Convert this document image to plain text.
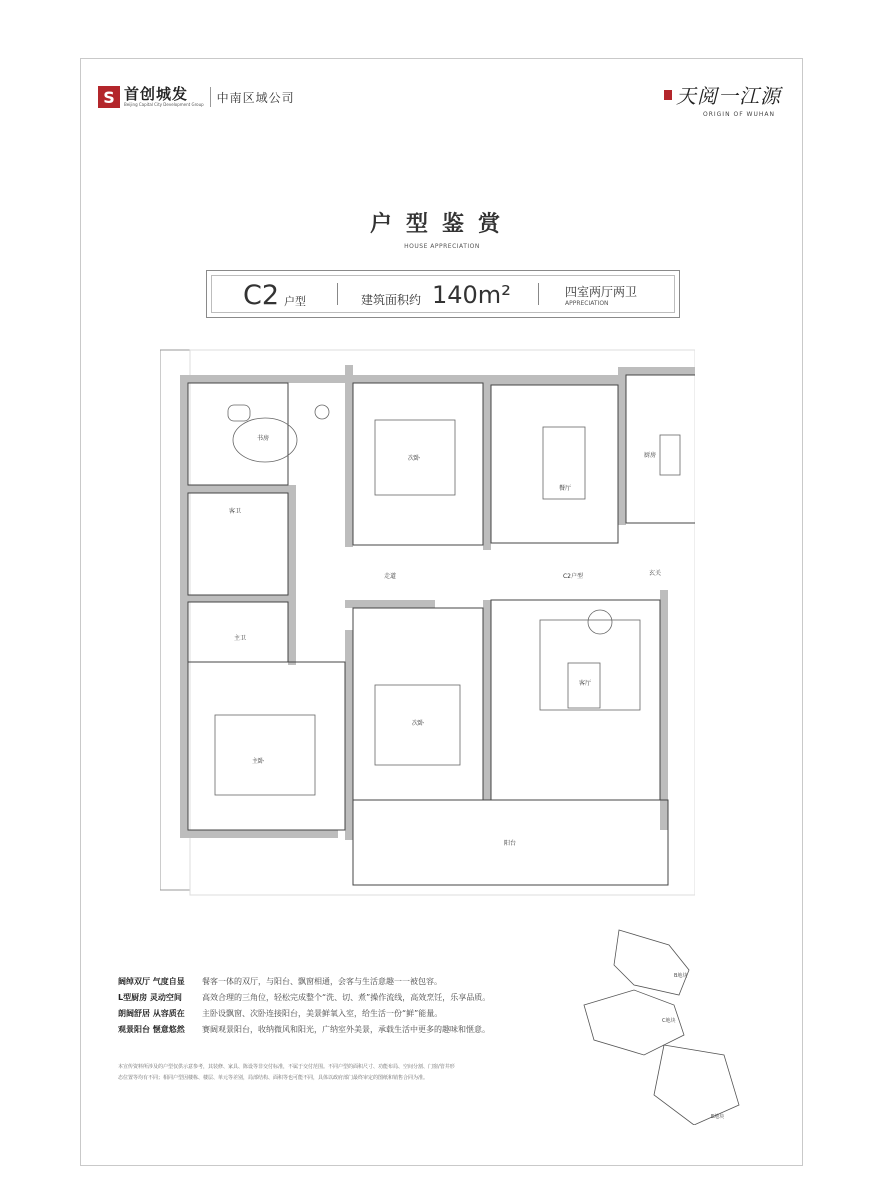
S 首创城发
Beijing Capital City Development Group 中南区域公司	天阅一江源
ORIGIN OF WUHAN
户型鉴赏
HOUSE APPRECIATION
C2 户型	建筑面积约 140m²	四室两厅两卫
APPRECIATION
书房
客卫
次卧
餐厅
厨房
走道	C2户型	玄关
主卫
次卧
客厅
主卧
阳台
阔绰双厅 气度自显	餐客一体的双厅，与阳台、飘窗相通，会客与生活意趣一一被包容。
L型厨房 灵动空间	高效合理的三角位，轻松完成整个“洗、切、煮”操作流线，高效烹饪，乐享品质。
朗阔舒居 从容质在	主卧设飘窗、次卧连接阳台，美景鲜氧入室，给生活一份“鲜”能量。
观景阳台 惬意悠然	赛阔观景阳台，收纳微风和阳光，广纳室外美景，承载生活中更多的趣味和惬意。
本宣传资料所涉及的户型仅供示意参考，其装修、家具、陈设等非交付标准，不属于交付范围。不同户型的面积尺寸、功能布局、空间分割、门窗/管井形
态位置等均有不同；相同户型因楼栋、楼层、单元等差别，局部结构、面积等也可能不同，具体以政府部门最终审定的图纸和销售合同为准。
B地块
C地块
E地块
